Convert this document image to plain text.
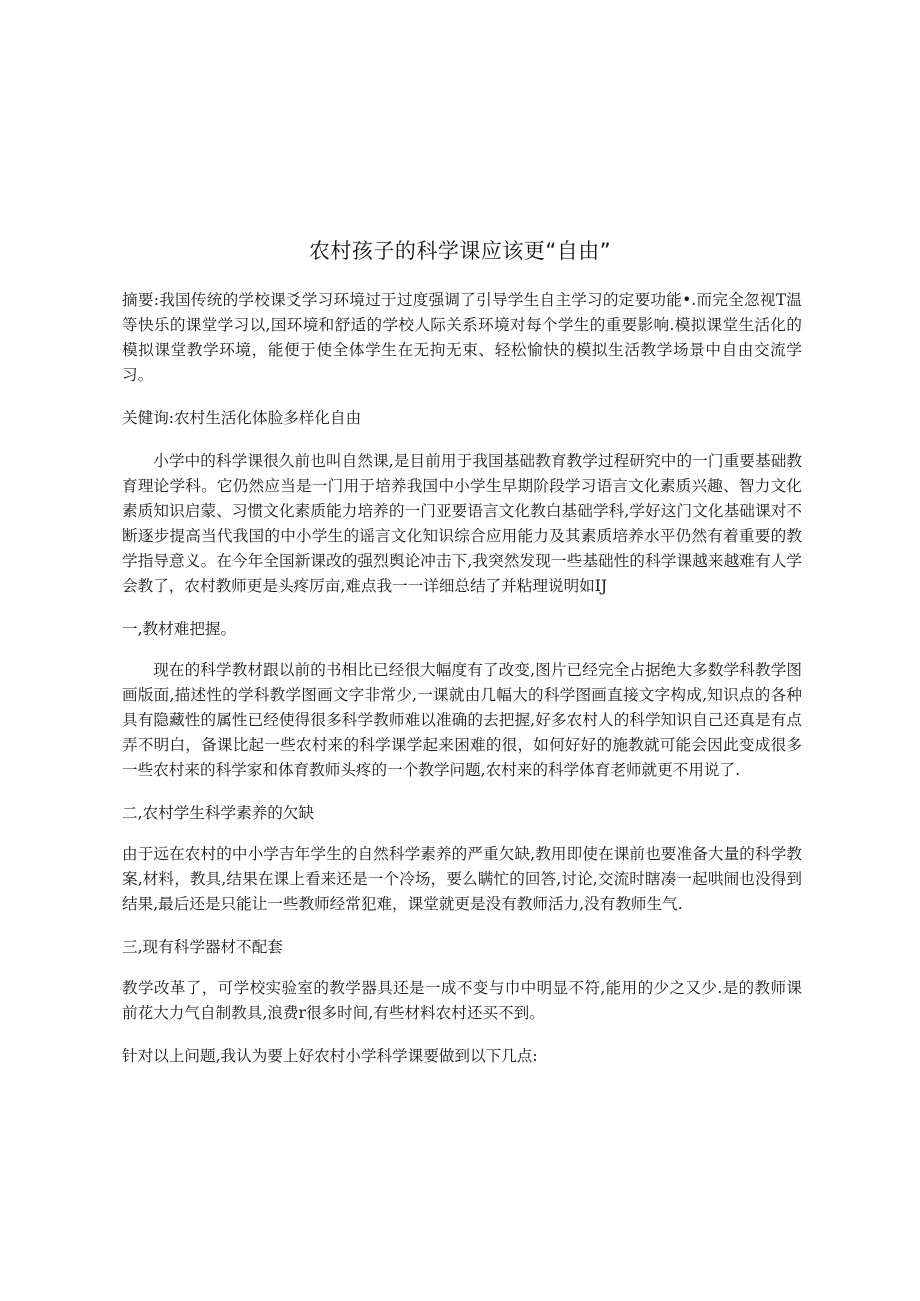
农村孩子的科学课应该更“自由”

摘要:我国传统的学校课爻学习环境过于过度强调了引导学生自主学习的定要功能•.而完全忽视T温等快乐的课堂学习以,国环境和舒适的学校人际关系环境对每个学生的重要影响.模拟课堂生活化的模拟课堂教学环境，能便于使全体学生在无拘无束、轻松愉快的模拟生活教学场景中自由交流学习。

关健询:农村生活化体脸多样化自由

小学中的科学课很久前也叫自然课,是目前用于我国基础教育教学过程研究中的一门重要基础教育理论学科。它仍然应当是一门用于培养我国中小学生早期阶段学习语言文化素质兴趣、智力文化素质知识启蒙、习惯文化素质能力培养的一门亚要语言文化教白基础学科,学好这门文化基础课对不断逐步提高当代我国的中小学生的谣言文化知识综合应用能力及其素质培养水平仍然有着重要的教学指导意义。在今年全国新课改的强烈舆论冲击下,我突然发现一些基础性的科学课越来越难有人学会教了，农村教师更是头疼厉亩,难点我一一详细总结了并粘理说明如IJ

一,教材难把握。

现在的科学教材跟以前的书相比已经很大幅度有了改变,图片已经完全占据绝大多数学科教学图画版面,描述性的学科教学图画文字非常少,一课就由几幅大的科学图画直接文字构成,知识点的各种具有隐藏性的属性已经使得很多科学教师难以准确的去把握,好多农村人的科学知识自己还真是有点弄不明白，备课比起一些农村来的科学课学起来困难的很，如何好好的施教就可能会因此变成很多一些农村来的科学家和体育教师头疼的一个教学问题,农村来的科学体育老师就更不用说了.

二,农村学生科学素养的欠缺

由于远在农村的中小学吉年学生的自然科学素养的严重欠缺,教用即使在课前也要准备大量的科学教案,材料，教具,结果在课上看来还是一个冷场，要么瞒忙的回答,讨论,交流时瞎凑一起哄闹也没得到结果,最后还是只能让一些教师经常犯难，课堂就更是没有教师活力,没有教师生气.

三,现有科学器材不配套

教学改革了，可学校实验室的教学器具还是一成不变与巾中明显不符,能用的少之又少.是的教师课前花大力气自制教具,浪费r很多时间,有些材料农村还买不到。

针对以上问题,我认为要上好农村小学科学课要做到以下几点:
